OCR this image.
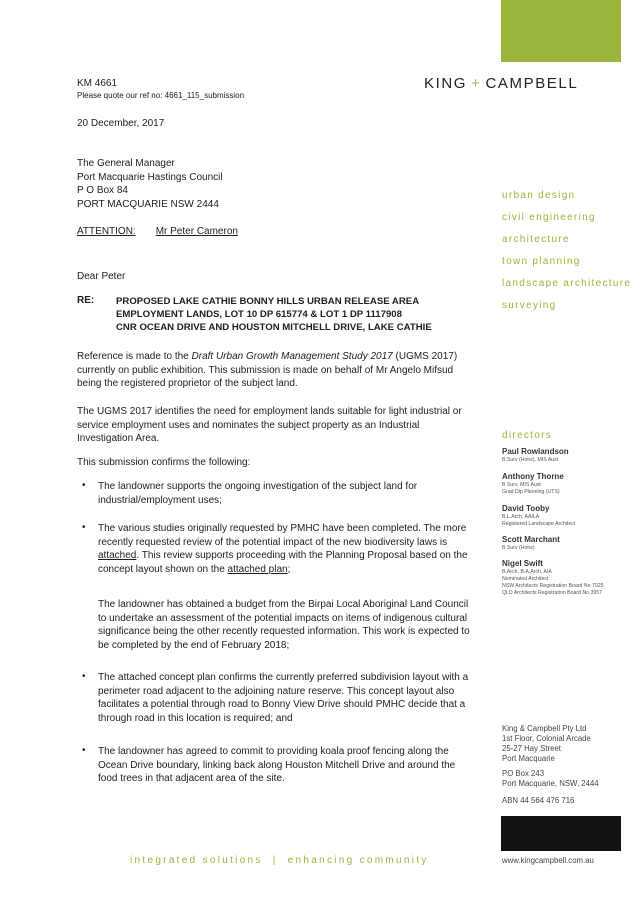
KING + CAMPBELL
KM 4661
Please quote our ref no: 4661_115_submission
20 December, 2017
The General Manager
Port Macquarie Hastings Council
P O Box 84
PORT MACQUARIE NSW 2444
ATTENTION: Mr Peter Cameron
Dear Peter
RE: PROPOSED LAKE CATHIE BONNY HILLS URBAN RELEASE AREA
EMPLOYMENT LANDS, LOT 10 DP 615774 & LOT 1 DP 1117908
CNR OCEAN DRIVE AND HOUSTON MITCHELL DRIVE, LAKE CATHIE
Reference is made to the Draft Urban Growth Management Study 2017 (UGMS 2017) currently on public exhibition. This submission is made on behalf of Mr Angelo Mifsud being the registered proprietor of the subject land.
The UGMS 2017 identifies the need for employment lands suitable for light industrial or service employment uses and nominates the subject property as an Industrial Investigation Area.
This submission confirms the following:
• The landowner supports the ongoing investigation of the subject land for industrial/employment uses;
• The various studies originally requested by PMHC have been completed. The more recently requested review of the potential impact of the new biodiversity laws is attached. This review supports proceeding with the Planning Proposal based on the concept layout shown on the attached plan;
The landowner has obtained a budget from the Birpai Local Aboriginal Land Council to undertake an assessment of the potential impacts on items of indigenous cultural significance being the other recently requested information. This work is expected to be completed by the end of February 2018;
• The attached concept plan confirms the currently preferred subdivision layout with a perimeter road adjacent to the adjoining nature reserve. This concept layout also facilitates a potential through road to Bonny View Drive should PMHC decide that a through road in this location is required; and
• The landowner has agreed to commit to providing koala proof fencing along the Ocean Drive boundary, linking back along Houston Mitchell Drive and around the food trees in that adjacent area of the site.
urban design
civil engineering
architecture
town planning
landscape architecture
surveying
directors
Paul Rowlandson
B.Surv (Hons), MIS Aust
Anthony Thorne
B Surv, MIS Aust
Grad Dip Planning (UTS)
David Tooby
B.L.Arch, AAILA
Registered Landscape Architect
Scott Marchant
B Surv (Hons)
Nigel Swift
B.Arch, B.A.Arch, AIA
Nominated Architect
NSW Architects Registration Board No 7025
QLD Architects Registration Board No 3957
King & Campbell Pty Ltd
1st Floor, Colonial Arcade
25-27 Hay Street
Port Macquarie
PO Box 243
Port Macquarie, NSW, 2444
ABN 44 564 476 716
www.kingcampbell.com.au
integrated solutions | enhancing community
